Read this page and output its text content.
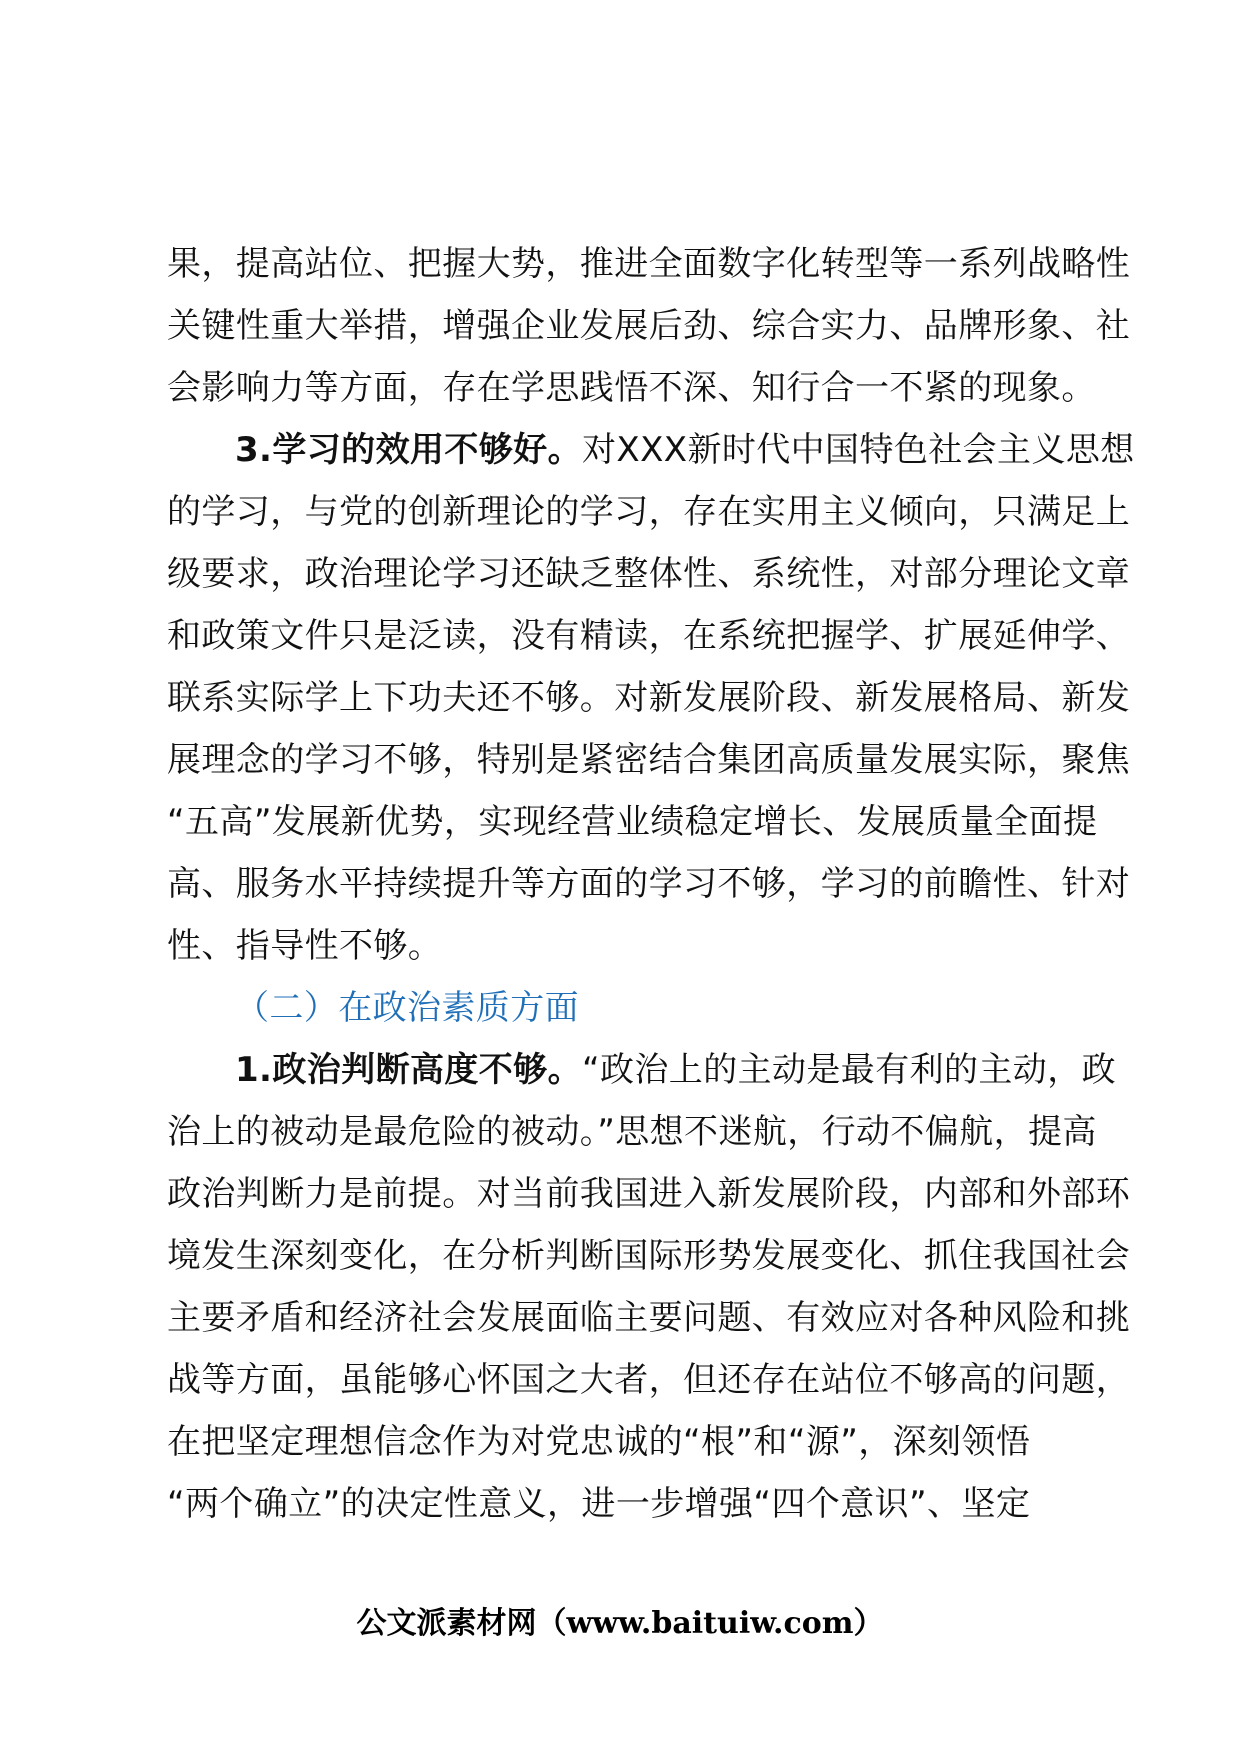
果，提高站位、把握大势，推进全面数字化转型等一系列战略性

关键性重大举措，增强企业发展后劲、综合实力、品牌形象、社

会影响力等方面，存在学思践悟不深、知行合一不紧的现象。

3.学习的效用不够好。对XXX新时代中国特色社会主义思想

的学习，与党的创新理论的学习，存在实用主义倾向，只满足上

级要求，政治理论学习还缺乏整体性、系统性，对部分理论文章

和政策文件只是泛读，没有精读，在系统把握学、扩展延伸学、

联系实际学上下功夫还不够。对新发展阶段、新发展格局、新发

展理念的学习不够，特别是紧密结合集团高质量发展实际，聚焦

“五高”发展新优势，实现经营业绩稳定增长、发展质量全面提

高、服务水平持续提升等方面的学习不够，学习的前瞻性、针对

性、指导性不够。

（二）在政治素质方面

1.政治判断高度不够。“政治上的主动是最有利的主动，政

治上的被动是最危险的被动。”思想不迷航，行动不偏航，提高

政治判断力是前提。对当前我国进入新发展阶段，内部和外部环

境发生深刻变化，在分析判断国际形势发展变化、抓住我国社会

主要矛盾和经济社会发展面临主要问题、有效应对各种风险和挑

战等方面，虽能够心怀国之大者，但还存在站位不够高的问题，

在把坚定理想信念作为对党忠诚的“根”和“源”，深刻领悟

“两个确立”的决定性意义，进一步增强“四个意识”、坚定

公文派素材网（www.baituiw.com）
